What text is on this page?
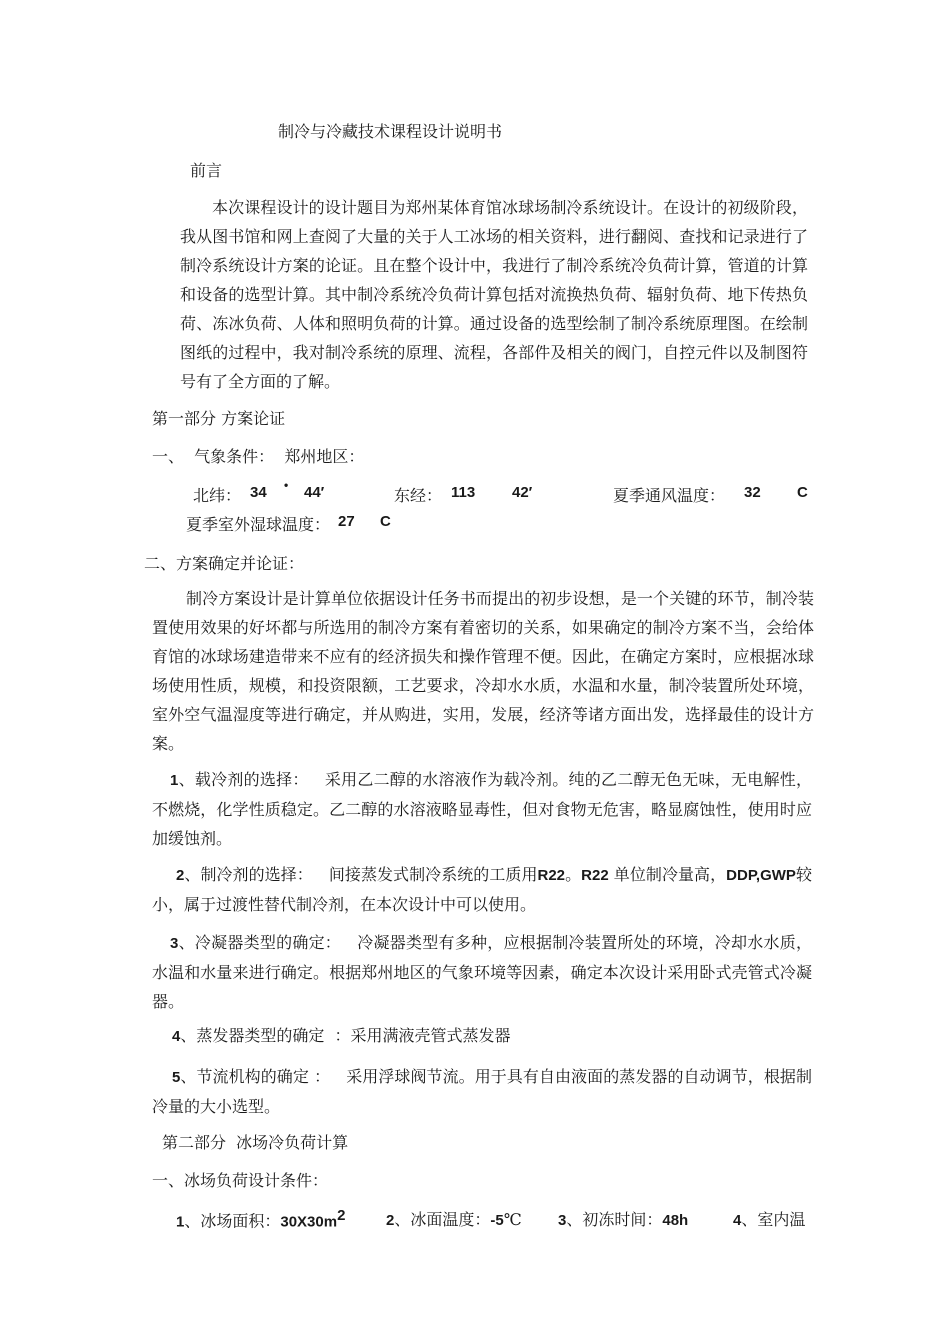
制冷与冷藏技术课程设计说明书
前言
本次课程设计的设计题目为郑州某体育馆冰球场制冷系统设计。在设计的初级阶段，我从图书馆和网上查阅了大量的关于人工冰场的相关资料，进行翻阅、查找和记录进行了制冷系统设计方案的论证。且在整个设计中，我进行了制冷系统冷负荷计算，管道的计算和设备的选型计算。其中制冷系统冷负荷计算包括对流换热负荷、辐射负荷、地下传热负荷、冻冰负荷、人体和照明负荷的计算。通过设备的选型绘制了制冷系统原理图。在绘制图纸的过程中，我对制冷系统的原理、流程，各部件及相关的阀门，自控元件以及制图符号有了全方面的了解。
第一部分 方案论证
一、  气象条件：  郑州地区：
北纬： 34 • 44′	东经： 113 42′	夏季通风温度： 32 C
夏季室外湿球温度： 27 C
二、方案确定并论证：
制冷方案设计是计算单位依据设计任务书而提出的初步设想，是一个关键的环节，制冷装置使用效果的好坏都与所选用的制冷方案有着密切的关系，如果确定的制冷方案不当，会给体育馆的冰球场建造带来不应有的经济损失和操作管理不便。因此，在确定方案时，应根据冰球场使用性质，规模，和投资限额，工艺要求，冷却水水质，水温和水量，制冷装置所处环境，室外空气温湿度等进行确定，并从购进，实用，发展，经济等诸方面出发，选择最佳的设计方案。
1、载冷剂的选择： 采用乙二醇的水溶液作为载冷剂。纯的乙二醇无色无味，无电解性，不燃烧，化学性质稳定。乙二醇的水溶液略显毒性，但对食物无危害，略显腐蚀性，使用时应加缓蚀剂。
2、制冷剂的选择： 间接蒸发式制冷系统的工质用R22。R22 单位制冷量高，DDP,GWP较小，属于过渡性替代制冷剂，在本次设计中可以使用。
3、冷凝器类型的确定： 冷凝器类型有多种，应根据制冷装置所处的环境，冷却水水质，水温和水量来进行确定。根据郑州地区的气象环境等因素，确定本次设计采用卧式壳管式冷凝器。
4、蒸发器类型的确定  ：采用满液壳管式蒸发器
5、节流机构的确定 ： 采用浮球阀节流。用于具有自由液面的蒸发器的自动调节，根据制冷量的大小选型。
第二部分  冰场冷负荷计算
一、冰场负荷设计条件：
1、冰场面积：$30X30m^2$	2、冰面温度：-5℃ 3、初冻时间：48h	4、室内温
